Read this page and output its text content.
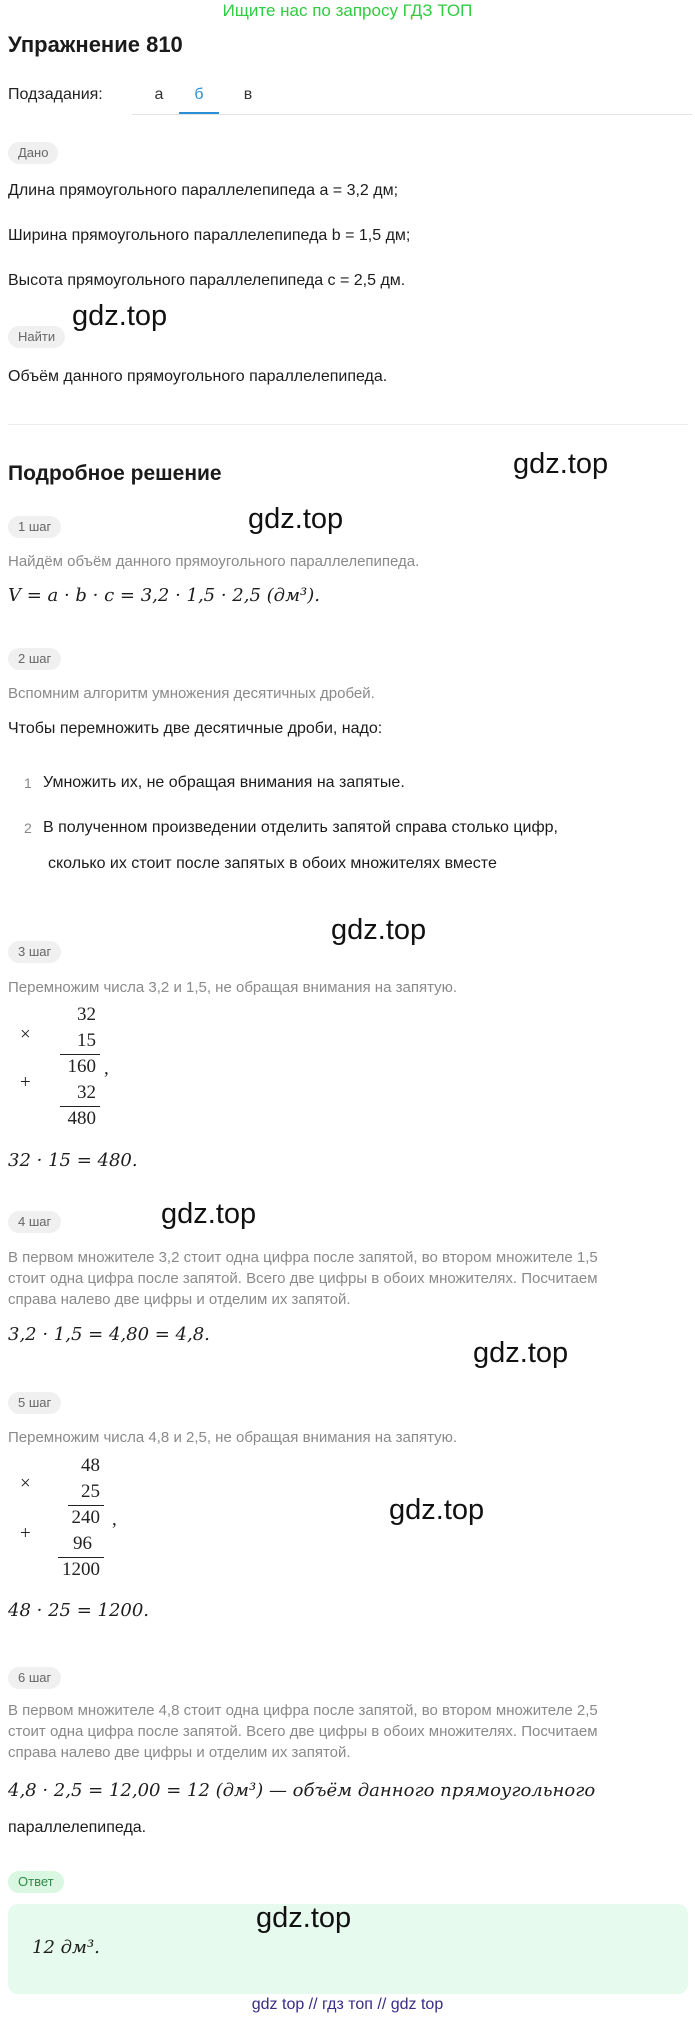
Ищите нас по запросу ГДЗ ТОП
Упражнение 810
Подзадания:	а	б	в
Дано
Длина прямоугольного параллелепипеда a = 3,2 дм;
Ширина прямоугольного параллелепипеда b = 1,5 дм;
Высота прямоугольного параллелепипеда c = 2,5 дм.
Найти
gdz.top
Объём данного прямоугольного параллелепипеда.
Подробное решение	gdz.top
1 шаг	gdz.top
Найдём объём данного прямоугольного параллелепипеда.
V = a · b · c = 3,2 · 1,5 · 2,5 (дм³).
2 шаг
Вспомним алгоритм умножения десятичных дробей.
Чтобы перемножить две десятичные дроби, надо:
1 Умножить их, не обращая внимания на запятые.
2 В полученном произведении отделить запятой справа столько цифр,
сколько их стоит после запятых в обоих множителях вместе
gdz.top
3 шаг
Перемножим числа 3,2 и 1,5, не обращая внимания на запятую.
×
+
32
15
160 ,
32
480
32 · 15 = 480.
4 шаг	gdz.top
В первом множителе 3,2 стоит одна цифра после запятой, во втором множителе 1,5
стоит одна цифра после запятой. Всего две цифры в обоих множителях. Посчитаем
справа налево две цифры и отделим их запятой.
3,2 · 1,5 = 4,80 = 4,8.
gdz.top
5 шаг
Перемножим числа 4,8 и 2,5, не обращая внимания на запятую.
×
+
48
25
240 ,
96
1200
gdz.top
48 · 25 = 1200.
6 шаг
В первом множителе 4,8 стоит одна цифра после запятой, во втором множителе 2,5
стоит одна цифра после запятой. Всего две цифры в обоих множителях. Посчитаем
справа налево две цифры и отделим их запятой.
4,8 · 2,5 = 12,00 = 12 (дм³) — объём данного прямоугольного
параллелепипеда.
Ответ
12 дм³.
gdz.top
gdz top // гдз топ // gdz top
